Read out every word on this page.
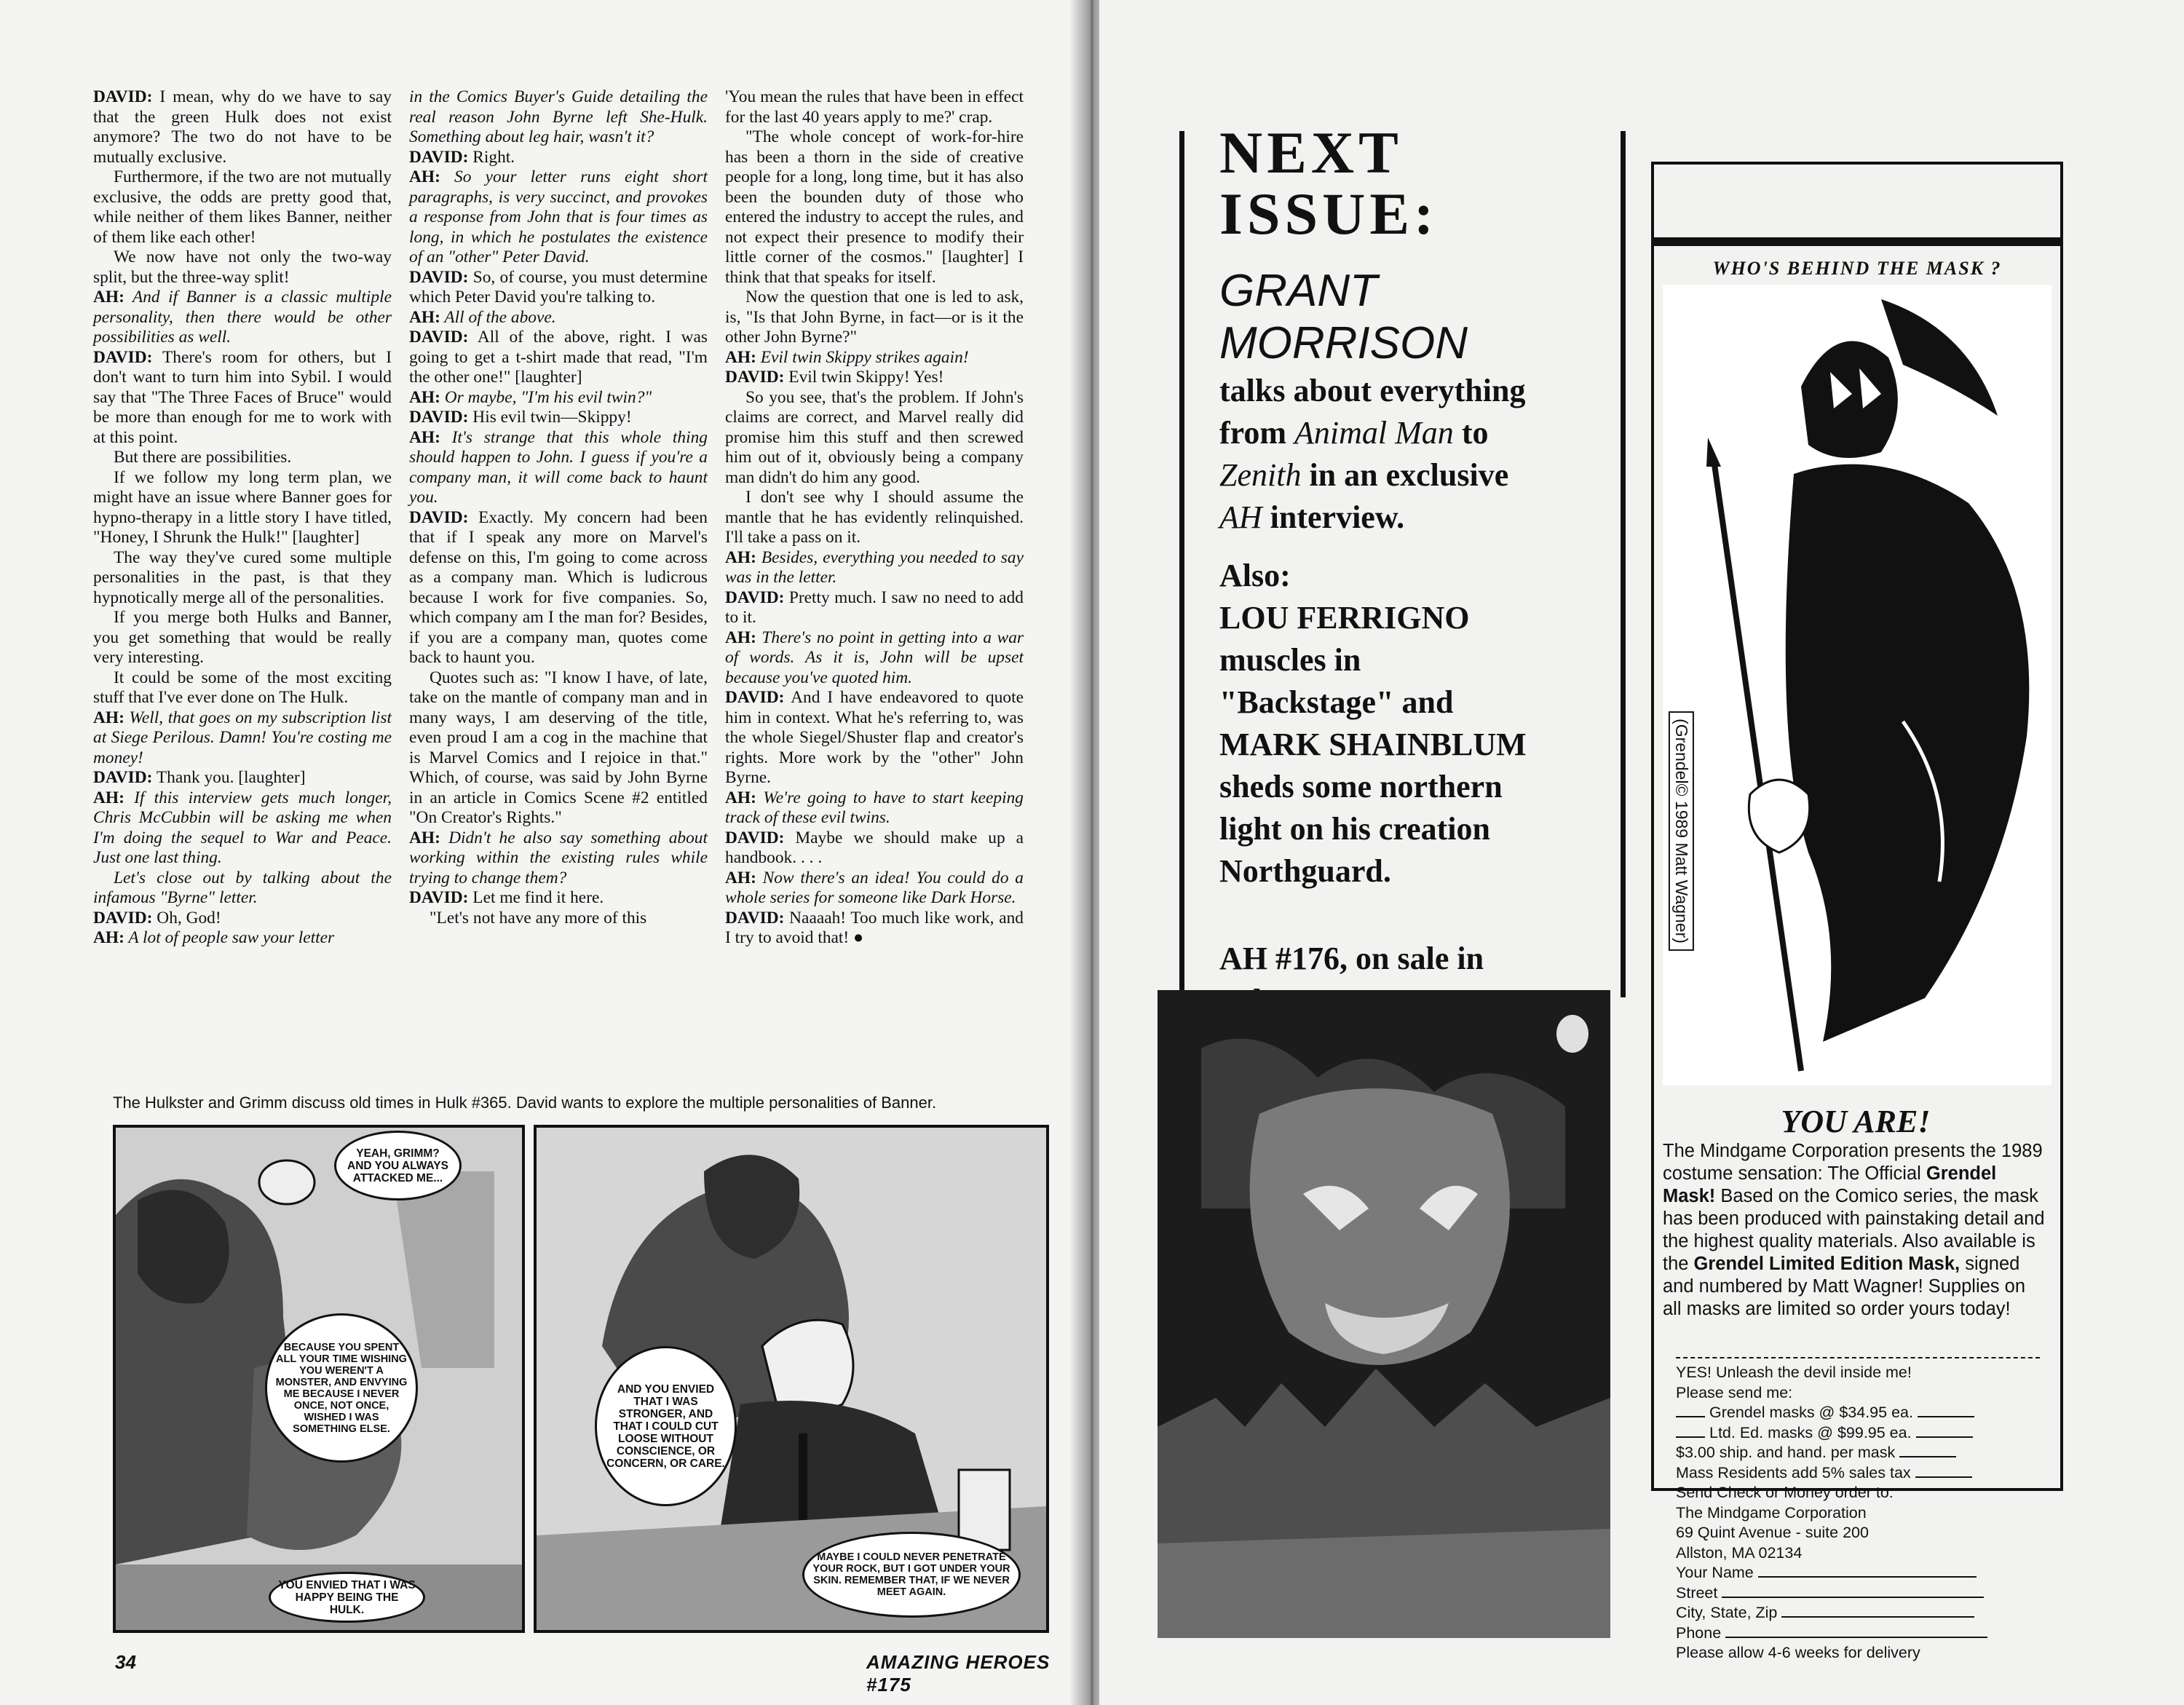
DAVID: I mean, why do we have to say that the green Hulk does not exist anymore? The two do not have to be mutually exclusive.

Furthermore, if the two are not mutually exclusive, the odds are pretty good that, while neither of them likes Banner, neither of them like each other!

We now have not only the two-way split, but the three-way split!

AH: And if Banner is a classic multiple personality, then there would be other possibilities as well.

DAVID: There's room for others, but I don't want to turn him into Sybil. I would say that "The Three Faces of Bruce" would be more than enough for me to work with at this point.

But there are possibilities.

If we follow my long term plan, we might have an issue where Banner goes for hypno-therapy in a little story I have titled, "Honey, I Shrunk the Hulk!" [laughter]

The way they've cured some multiple personalities in the past, is that they hypnotically merge all of the personalities.

If you merge both Hulks and Banner, you get something that would be really very interesting.

It could be some of the most exciting stuff that I've ever done on The Hulk.

AH: Well, that goes on my subscription list at Siege Perilous. Damn! You're costing me money!

DAVID: Thank you. [laughter]

AH: If this interview gets much longer, Chris McCubbin will be asking me when I'm doing the sequel to War and Peace. Just one last thing.

Let's close out by talking about the infamous "Byrne" letter.

DAVID: Oh, God!

AH: A lot of people saw your letter

in the Comics Buyer's Guide detailing the real reason John Byrne left She-Hulk. Something about leg hair, wasn't it?

DAVID: Right.

AH: So your letter runs eight short paragraphs, is very succinct, and provokes a response from John that is four times as long, in which he postulates the existence of an "other" Peter David.

DAVID: So, of course, you must determine which Peter David you're talking to.

AH: All of the above.

DAVID: All of the above, right. I was going to get a t-shirt made that read, "I'm the other one!" [laughter]

AH: Or maybe, "I'm his evil twin?"

DAVID: His evil twin—Skippy!

AH: It's strange that this whole thing should happen to John. I guess if you're a company man, it will come back to haunt you.

DAVID: Exactly. My concern had been that if I speak any more on Marvel's defense on this, I'm going to come across as a company man. Which is ludicrous because I work for five companies. So, which company am I the man for? Besides, if you are a company man, quotes come back to haunt you.

Quotes such as: "I know I have, of late, take on the mantle of company man and in many ways, I am deserving of the title, even proud I am a cog in the machine that is Marvel Comics and I rejoice in that." Which, of course, was said by John Byrne in an article in Comics Scene #2 entitled "On Creator's Rights."

AH: Didn't he also say something about working within the existing rules while trying to change them?

DAVID: Let me find it here.

"Let's not have any more of this

'You mean the rules that have been in effect for the last 40 years apply to me?' crap.

"The whole concept of work-for-hire has been a thorn in the side of creative people for a long, long time, but it has also been the bounden duty of those who entered the industry to accept the rules, and not expect their presence to modify their little corner of the cosmos." [laughter] I think that that speaks for itself.

Now the question that one is led to ask, is, "Is that John Byrne, in fact—or is it the other John Byrne?"

AH: Evil twin Skippy strikes again!

DAVID: Evil twin Skippy! Yes!

So you see, that's the problem. If John's claims are correct, and Marvel really did promise him this stuff and then screwed him out of it, obviously being a company man didn't do him any good.

I don't see why I should assume the mantle that he has evidently relinquished. I'll take a pass on it.

AH: Besides, everything you needed to say was in the letter.

DAVID: Pretty much. I saw no need to add to it.

AH: There's no point in getting into a war of words. As it is, John will be upset because you've quoted him.

DAVID: And I have endeavored to quote him in context. What he's referring to, was the whole Siegel/Shuster flap and creator's rights. More work by the "other" John Byrne.

AH: We're going to have to start keeping track of these evil twins.

DAVID: Maybe we should make up a handbook. . . .

AH: Now there's an idea! You could do a whole series for someone like Dark Horse.

DAVID: Naaaah! Too much like work, and I try to avoid that! ●

The Hulkster and Grimm discuss old times in Hulk #365. David wants to explore the multiple personalities of Banner.
YEAH, GRIMM? AND YOU ALWAYS ATTACKED ME...
BECAUSE YOU SPENT ALL YOUR TIME WISHING YOU WEREN'T A MONSTER, AND ENVYING ME BECAUSE I NEVER ONCE, NOT ONCE, WISHED I WAS SOMETHING ELSE.
YOU ENVIED THAT I WAS HAPPY BEING THE HULK.
AND YOU ENVIED THAT I WAS STRONGER, AND THAT I COULD CUT LOOSE WITHOUT CONSCIENCE, OR CONCERN, OR CARE.
MAYBE I COULD NEVER PENETRATE YOUR ROCK, BUT I GOT UNDER YOUR SKIN. REMEMBER THAT, IF WE NEVER MEET AGAIN.
34	AMAZING HEROES #175
NEXT
ISSUE:
GRANT
MORRISON
talks about everything
from Animal Man to
Zenith in an exclusive
AH interview.
Also:
LOU FERRIGNO
muscles in
"Backstage" and
MARK SHAINBLUM
sheds some northern
light on his creation
Northguard.
AH #176, on sale in
WHO'S BEHIND THE MASK ?
(Grendel© 1989 Matt Wagner)
YOU ARE!
The Mindgame Corporation presents the 1989 costume sensation: The Official Grendel Mask! Based on the Comico series, the mask has been produced with painstaking detail and the highest quality materials. Also available is the Grendel Limited Edition Mask, signed and numbered by Matt Wagner! Supplies on all masks are limited so order yours today!
YES! Unleash the devil inside me!
Please send me:
Grendel masks @ $34.95 ea.
Ltd. Ed. masks @ $99.95 ea.
$3.00 ship. and hand. per mask
Mass Residents add 5% sales tax
Send Check or Money order to:
The Mindgame Corporation
69 Quint Avenue - suite 200
Allston, MA 02134
Your Name
Street
City, State, Zip
Phone
Please allow 4-6 weeks for delivery
